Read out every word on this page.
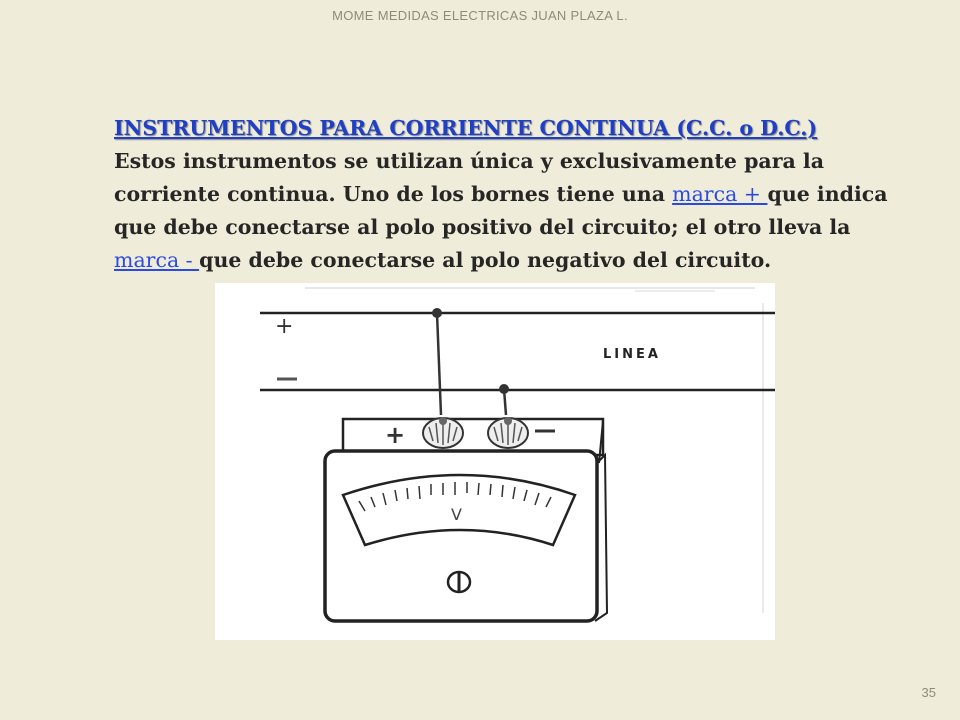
MOME MEDIDAS ELECTRICAS JUAN PLAZA L.
INSTRUMENTOS PARA CORRIENTE CONTINUA (C.C. o D.C.)
Estos instrumentos se utilizan única y exclusivamente para la corriente continua. Uno de los bornes tiene una marca + que indica que debe conectarse al polo positivo del circuito; el otro lleva la marca - que debe conectarse al polo negativo del circuito.
+
LINEA
+
V
35
